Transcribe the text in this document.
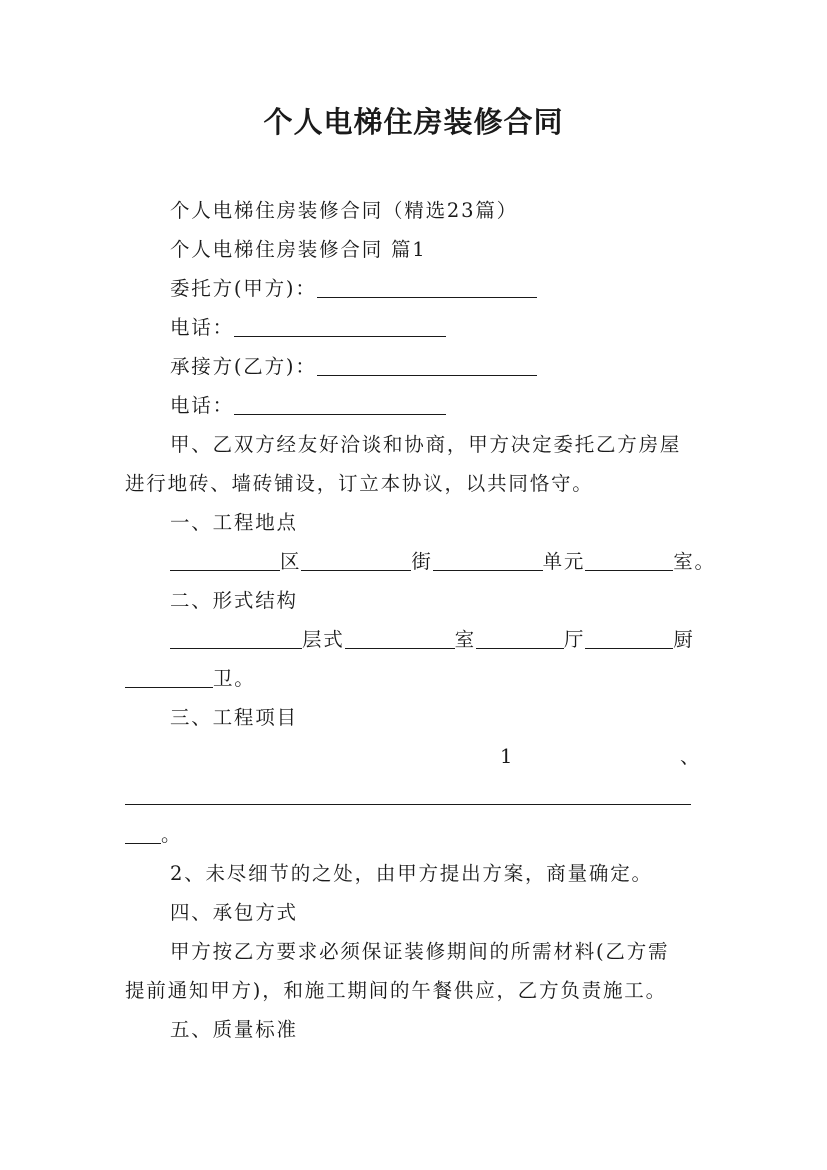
个人电梯住房装修合同
个人电梯住房装修合同（精选23篇）
个人电梯住房装修合同 篇1
委托方(甲方)：
电话：
承接方(乙方)：
电话：
甲、乙双方经友好洽谈和协商，甲方决定委托乙方房屋
进行地砖、墙砖铺设，订立本协议，以共同恪守。
一、工程地点
区	街	单元	室。
二、形式结构
层式	室	厅	厨
卫。
三、工程项目
1	、
。
2、未尽细节的之处，由甲方提出方案，商量确定。
四、承包方式
甲方按乙方要求必须保证装修期间的所需材料(乙方需
提前通知甲方)，和施工期间的午餐供应，乙方负责施工。
五、质量标准
